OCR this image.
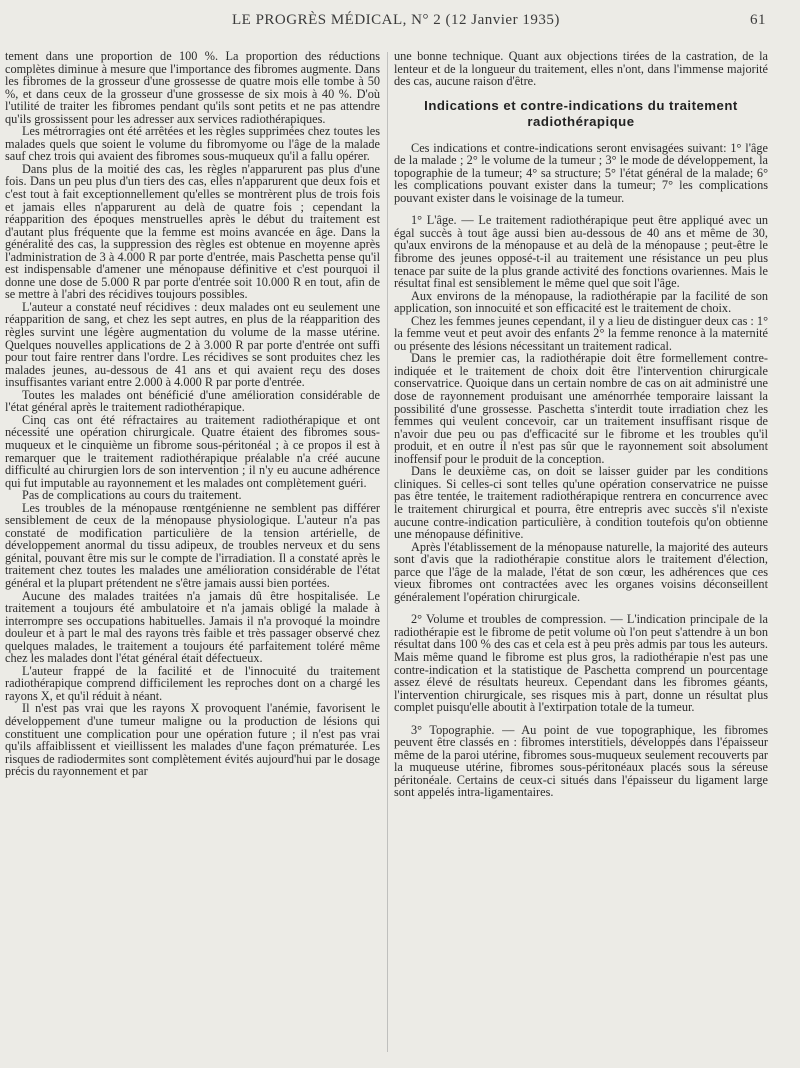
LE PROGRÈS MÉDICAL, N° 2 (12 Janvier 1935)	61

tement dans une proportion de 100 %. La proportion des réductions complètes diminue à mesure que l'importance des fibromes augmente. Dans les fibromes de la grosseur d'une grossesse de quatre mois elle tombe à 50 %, et dans ceux de la grosseur d'une grossesse de six mois à 40 %. D'où l'utilité de traiter les fibromes pendant qu'ils sont petits et ne pas attendre qu'ils grossissent pour les adresser aux services radiothérapiques.

Les métrorragies ont été arrêtées et les règles supprimées chez toutes les malades quels que soient le volume du fibromyome ou l'âge de la malade sauf chez trois qui avaient des fibromes sous-muqueux qu'il a fallu opérer.

Dans plus de la moitié des cas, les règles n'apparurent pas plus d'une fois. Dans un peu plus d'un tiers des cas, elles n'apparurent que deux fois et c'est tout à fait exceptionnellement qu'elles se montrèrent plus de trois fois et jamais elles n'apparurent au delà de quatre fois ; cependant la réapparition des époques menstruelles après le début du traitement est d'autant plus fréquente que la femme est moins avancée en âge. Dans la généralité des cas, la suppression des règles est obtenue en moyenne après l'administration de 3 à 4.000 R par porte d'entrée, mais Paschetta pense qu'il est indispensable d'amener une ménopause définitive et c'est pourquoi il donne une dose de 5.000 R par porte d'entrée soit 10.000 R en tout, afin de se mettre à l'abri des récidives toujours possibles.

L'auteur a constaté neuf récidives : deux malades ont eu seulement une réapparition de sang, et chez les sept autres, en plus de la réapparition des règles survint une légère augmentation du volume de la masse utérine. Quelques nouvelles applications de 2 à 3.000 R par porte d'entrée ont suffi pour tout faire rentrer dans l'ordre. Les récidives se sont produites chez les malades jeunes, au-dessous de 41 ans et qui avaient reçu des doses insuffisantes variant entre 2.000 à 4.000 R par porte d'entrée.

Toutes les malades ont bénéficié d'une amélioration considérable de l'état général après le traitement radiothérapique.

Cinq cas ont été réfractaires au traitement radiothérapique et ont nécessité une opération chirurgicale. Quatre étaient des fibromes sous-muqueux et le cinquième un fibrome sous-péritonéal ; à ce propos il est à remarquer que le traitement radiothérapique préalable n'a créé aucune difficulté au chirurgien lors de son intervention ; il n'y eu aucune adhérence qui fut imputable au rayonnement et les malades ont complètement guéri.

Pas de complications au cours du traitement.

Les troubles de la ménopause rœntgénienne ne semblent pas différer sensiblement de ceux de la ménopause physiologique. L'auteur n'a pas constaté de modification particulière de la tension artérielle, de développement anormal du tissu adipeux, de troubles nerveux et du sens génital, pouvant être mis sur le compte de l'irradiation. Il a constaté après le traitement chez toutes les malades une amélioration considérable de l'état général et la plupart prétendent ne s'être jamais aussi bien portées.

Aucune des malades traitées n'a jamais dû être hospitalisée. Le traitement a toujours été ambulatoire et n'a jamais obligé la malade à interrompre ses occupations habituelles. Jamais il n'a provoqué la moindre douleur et à part le mal des rayons très faible et très passager observé chez quelques malades, le traitement a toujours été parfaitement toléré même chez les malades dont l'état général était défectueux.

L'auteur frappé de la facilité et de l'innocuité du traitement radiothérapique comprend difficilement les reproches dont on a chargé les rayons X, et qu'il réduit à néant.

Il n'est pas vrai que les rayons X provoquent l'anémie, favorisent le développement d'une tumeur maligne ou la production de lésions qui constituent une complication pour une opération future ; il n'est pas vrai qu'ils affaiblissent et vieillissent les malades d'une façon prématurée. Les risques de radiodermites sont complètement évités aujourd'hui par le dosage précis du rayonnement et par

une bonne technique. Quant aux objections tirées de la castration, de la lenteur et de la longueur du traitement, elles n'ont, dans l'immense majorité des cas, aucune raison d'être.

Indications et contre-indications du traitement radiothérapique

Ces indications et contre-indications seront envisagées suivant: 1° l'âge de la malade ; 2° le volume de la tumeur ; 3° le mode de développement, la topographie de la tumeur; 4° sa structure; 5° l'état général de la malade; 6° les complications pouvant exister dans la tumeur; 7° les complications pouvant exister dans le voisinage de la tumeur.

1° L'âge. — Le traitement radiothérapique peut être appliqué avec un égal succès à tout âge aussi bien au-dessous de 40 ans et même de 30, qu'aux environs de la ménopause et au delà de la ménopause ; peut-être le fibrome des jeunes opposé-t-il au traitement une résistance un peu plus tenace par suite de la plus grande activité des fonctions ovariennes. Mais le résultat final est sensiblement le même quel que soit l'âge.

Aux environs de la ménopause, la radiothérapie par la facilité de son application, son innocuité et son efficacité est le traitement de choix.

Chez les femmes jeunes cependant, il y a lieu de distinguer deux cas : 1° la femme veut et peut avoir des enfants 2° la femme renonce à la maternité ou présente des lésions nécessitant un traitement radical.

Dans le premier cas, la radiothérapie doit être formellement contre-indiquée et le traitement de choix doit être l'intervention chirurgicale conservatrice. Quoique dans un certain nombre de cas on ait administré une dose de rayonnement produisant une aménorrhée temporaire laissant la possibilité d'une grossesse. Paschetta s'interdit toute irradiation chez les femmes qui veulent concevoir, car un traitement insuffisant risque de n'avoir due peu ou pas d'efficacité sur le fibrome et les troubles qu'il produit, et en outre il n'est pas sûr que le rayonnement soit absolument inoffensif pour le produit de la conception.

Dans le deuxième cas, on doit se laisser guider par les conditions cliniques. Si celles-ci sont telles qu'une opération conservatrice ne puisse pas être tentée, le traitement radiothérapique rentrera en concurrence avec le traitement chirurgical et pourra, être entrepris avec succès s'il n'existe aucune contre-indication particulière, à condition toutefois qu'on obtienne une ménopause définitive.

Après l'établissement de la ménopause naturelle, la majorité des auteurs sont d'avis que la radiothérapie constitue alors le traitement d'élection, parce que l'âge de la malade, l'état de son cœur, les adhérences que ces vieux fibromes ont contractées avec les organes voisins déconseillent généralement l'opération chirurgicale.

2° Volume et troubles de compression. — L'indication principale de la radiothérapie est le fibrome de petit volume où l'on peut s'attendre à un bon résultat dans 100 % des cas et cela est à peu près admis par tous les auteurs. Mais même quand le fibrome est plus gros, la radiothérapie n'est pas une contre-indication et la statistique de Paschetta comprend un pourcentage assez élevé de résultats heureux. Cependant dans les fibromes géants, l'intervention chirurgicale, ses risques mis à part, donne un résultat plus complet puisqu'elle aboutit à l'extirpation totale de la tumeur.

3° Topographie. — Au point de vue topographique, les fibromes peuvent être classés en : fibromes interstitiels, développés dans l'épaisseur même de la paroi utérine, fibromes sous-muqueux seulement recouverts par la muqueuse utérine, fibromes sous-péritonéaux placés sous la séreuse péritonéale. Certains de ceux-ci situés dans l'épaisseur du ligament large sont appelés intra-ligamentaires.
